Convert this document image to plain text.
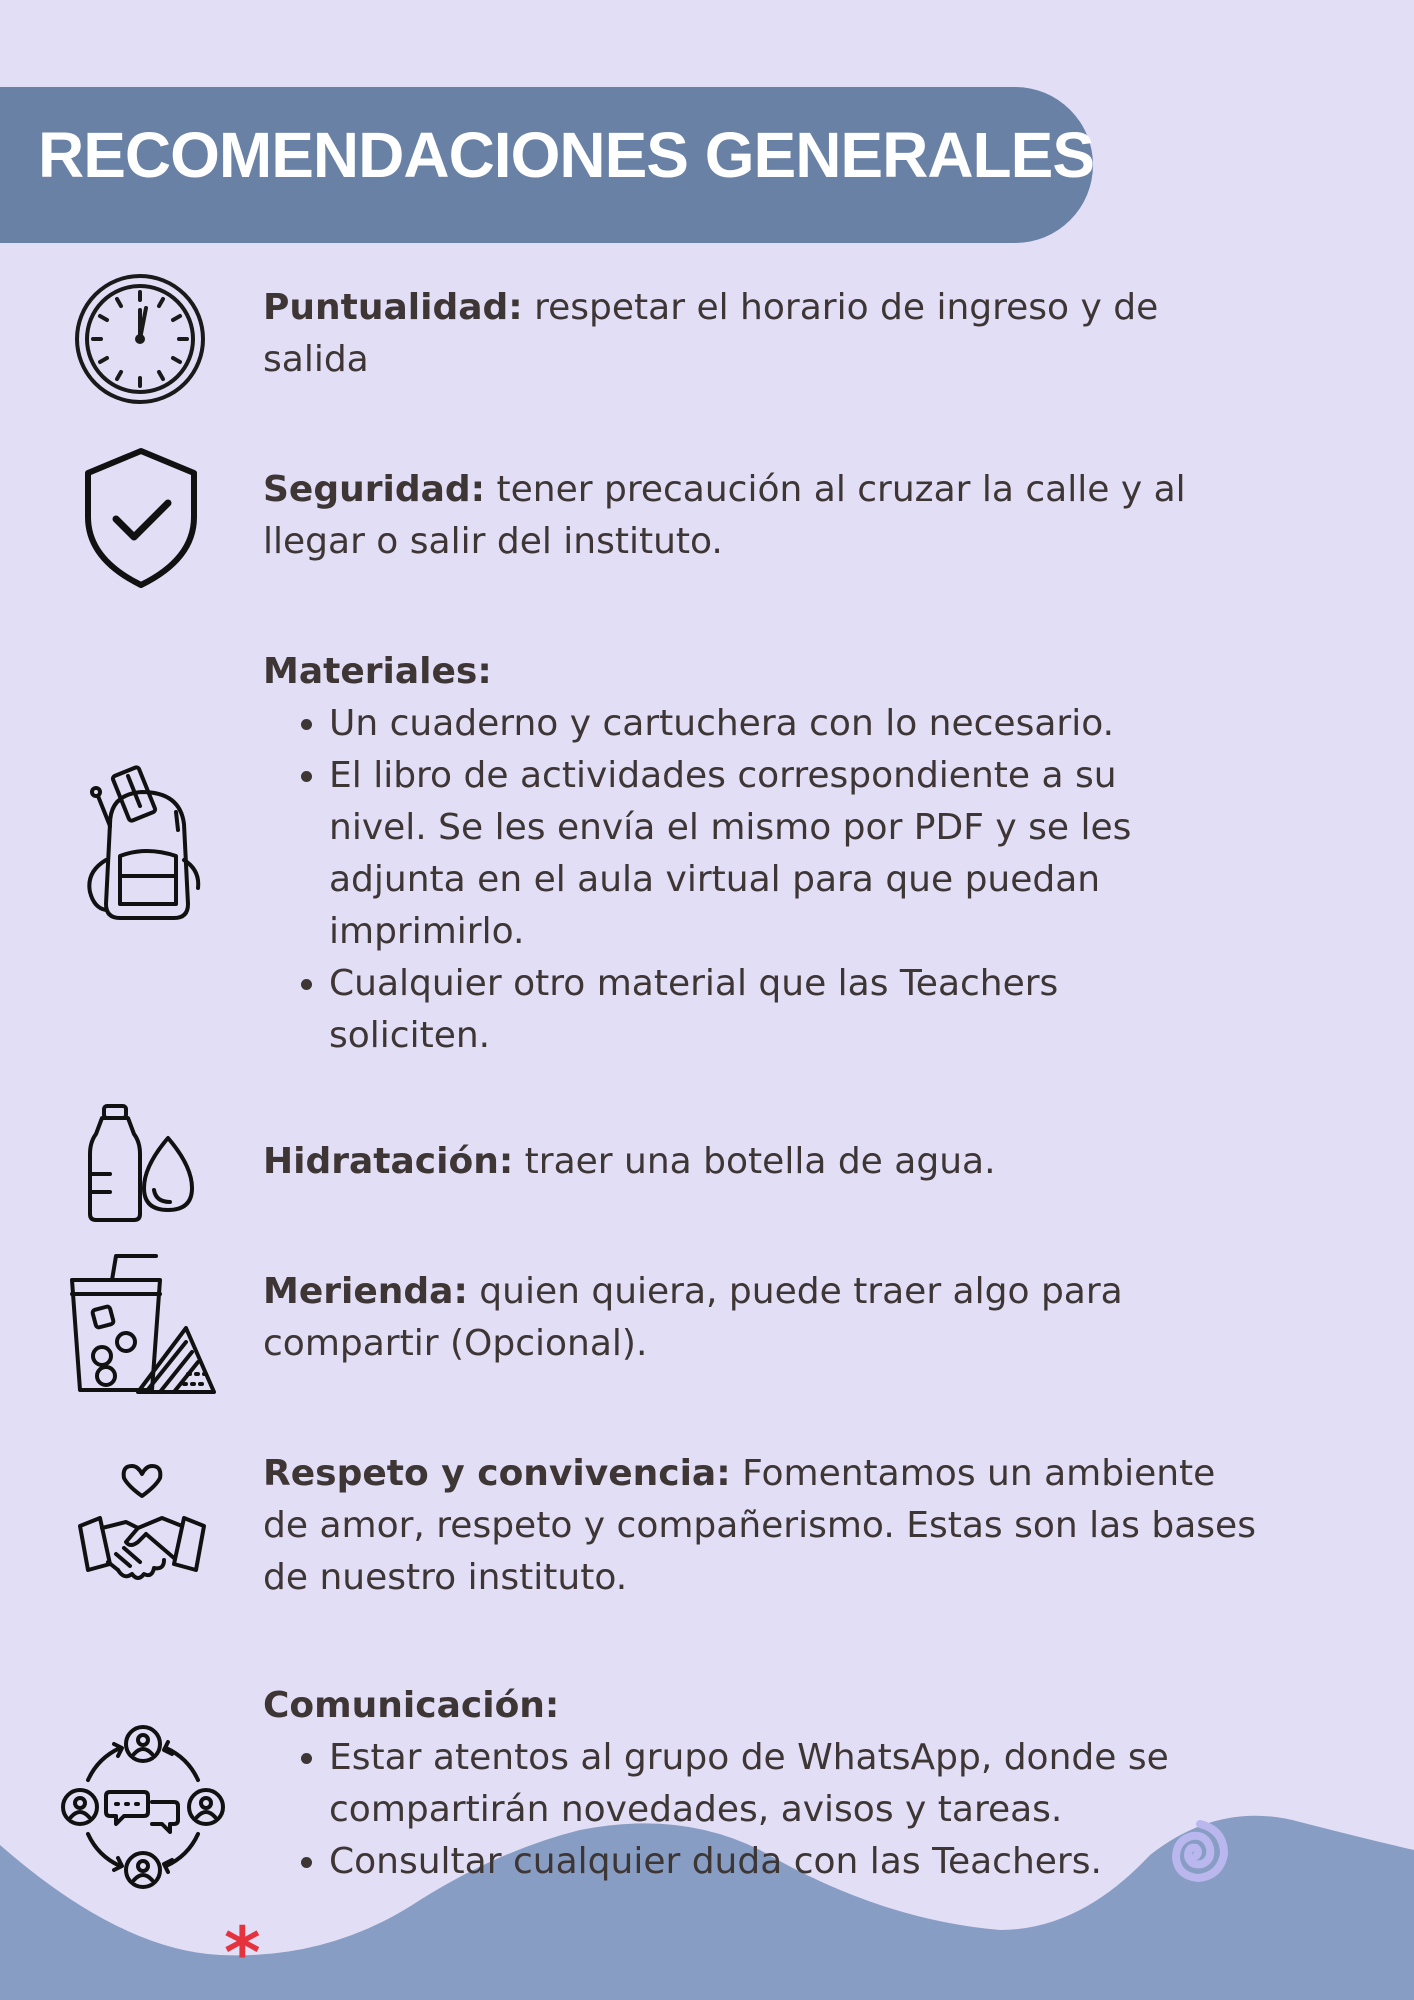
RECOMENDACIONES GENERALES
Puntualidad: respetar el horario de ingreso y de salida
Seguridad: tener precaución al cruzar la calle y al llegar o salir del instituto.
Materiales:
• Un cuaderno y cartuchera con lo necesario.
• El libro de actividades correspondiente a su nivel. Se les envía el mismo por PDF y se les adjunta en el aula virtual para que puedan imprimirlo.
• Cualquier otro material que las Teachers soliciten.
Hidratación: traer una botella de agua.
Merienda: quien quiera, puede traer algo para compartir (Opcional).
Respeto y convivencia: Fomentamos un ambiente de amor, respeto y compañerismo. Estas son las bases de nuestro instituto.
Comunicación:
• Estar atentos al grupo de WhatsApp, donde se compartirán novedades, avisos y tareas.
• Consultar cualquier duda con las Teachers.
*
